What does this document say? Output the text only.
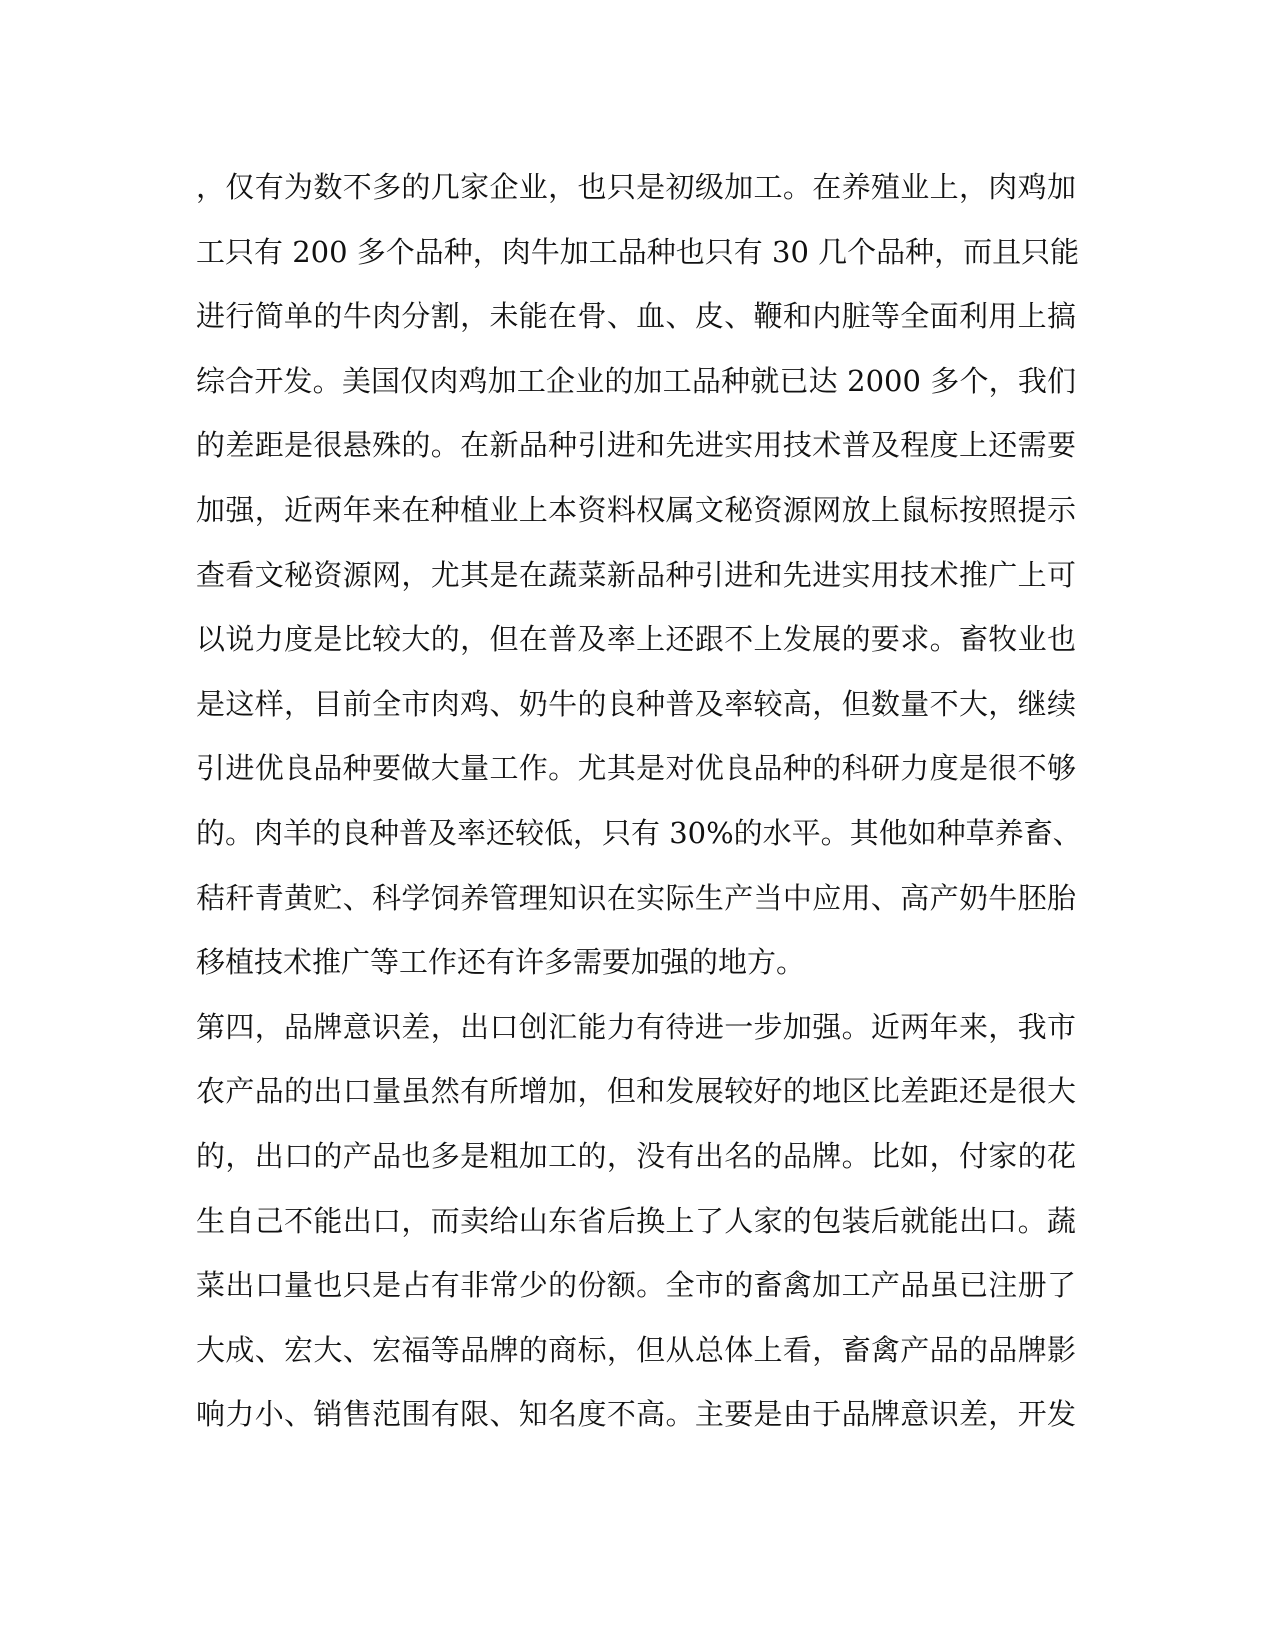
，仅有为数不多的几家企业，也只是初级加工。在养殖业上，肉鸡加
工只有 200 多个品种，肉牛加工品种也只有 30 几个品种，而且只能
进行简单的牛肉分割，未能在骨、血、皮、鞭和内脏等全面利用上搞
综合开发。美国仅肉鸡加工企业的加工品种就已达 2000 多个，我们
的差距是很悬殊的。在新品种引进和先进实用技术普及程度上还需要
加强，近两年来在种植业上本资料权属文秘资源网放上鼠标按照提示
查看文秘资源网，尤其是在蔬菜新品种引进和先进实用技术推广上可
以说力度是比较大的，但在普及率上还跟不上发展的要求。畜牧业也
是这样，目前全市肉鸡、奶牛的良种普及率较高，但数量不大，继续
引进优良品种要做大量工作。尤其是对优良品种的科研力度是很不够
的。肉羊的良种普及率还较低，只有 30%的水平。其他如种草养畜、
秸秆青黄贮、科学饲养管理知识在实际生产当中应用、高产奶牛胚胎
移植技术推广等工作还有许多需要加强的地方。
第四，品牌意识差，出口创汇能力有待进一步加强。近两年来，我市
农产品的出口量虽然有所增加，但和发展较好的地区比差距还是很大
的，出口的产品也多是粗加工的，没有出名的品牌。比如，付家的花
生自己不能出口，而卖给山东省后换上了人家的包装后就能出口。蔬
菜出口量也只是占有非常少的份额。全市的畜禽加工产品虽已注册了
大成、宏大、宏福等品牌的商标，但从总体上看，畜禽产品的品牌影
响力小、销售范围有限、知名度不高。主要是由于品牌意识差，开发
